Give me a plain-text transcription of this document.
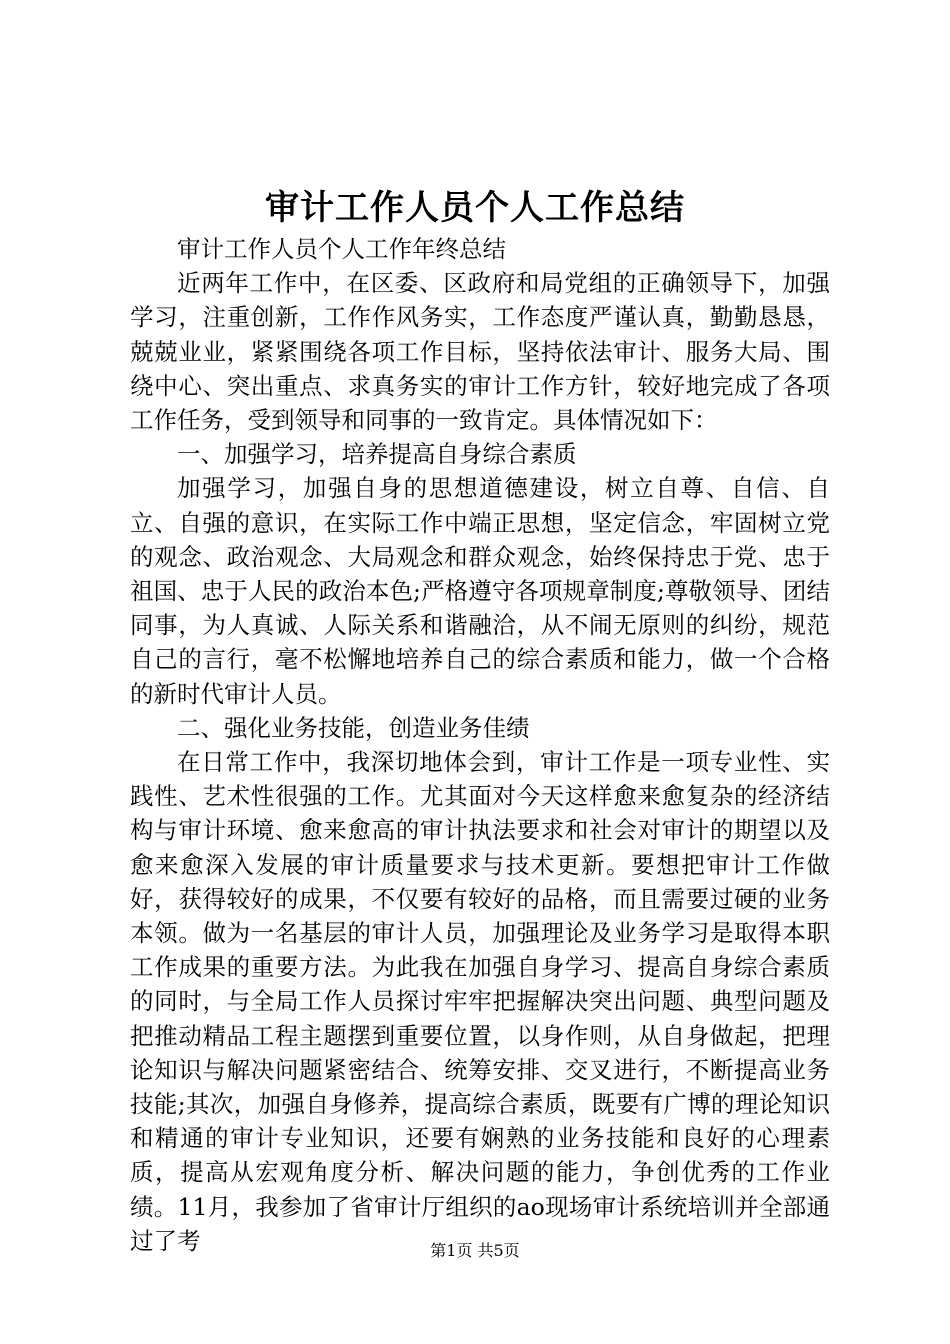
审计工作人员个人工作总结

审计工作人员个人工作年终总结

近两年工作中，在区委、区政府和局党组的正确领导下，加强学习，注重创新，工作作风务实，工作态度严谨认真，勤勤恳恳，兢兢业业，紧紧围绕各项工作目标，坚持依法审计、服务大局、围绕中心、突出重点、求真务实的审计工作方针，较好地完成了各项工作任务，受到领导和同事的一致肯定。具体情况如下：

一、加强学习，培养提高自身综合素质

加强学习，加强自身的思想道德建设，树立自尊、自信、自立、自强的意识，在实际工作中端正思想，坚定信念，牢固树立党的观念、政治观念、大局观念和群众观念，始终保持忠于党、忠于祖国、忠于人民的政治本色;严格遵守各项规章制度;尊敬领导、团结同事，为人真诚、人际关系和谐融洽，从不闹无原则的纠纷，规范自己的言行，毫不松懈地培养自己的综合素质和能力，做一个合格的新时代审计人员。

二、强化业务技能，创造业务佳绩

在日常工作中，我深切地体会到，审计工作是一项专业性、实践性、艺术性很强的工作。尤其面对今天这样愈来愈复杂的经济结构与审计环境、愈来愈高的审计执法要求和社会对审计的期望以及愈来愈深入发展的审计质量要求与技术更新。要想把审计工作做好，获得较好的成果，不仅要有较好的品格，而且需要过硬的业务本领。做为一名基层的审计人员，加强理论及业务学习是取得本职工作成果的重要方法。为此我在加强自身学习、提高自身综合素质的同时，与全局工作人员探讨牢牢把握解决突出问题、典型问题及把推动精品工程主题摆到重要位置，以身作则，从自身做起，把理论知识与解决问题紧密结合、统筹安排、交叉进行，不断提高业务技能;其次，加强自身修养，提高综合素质，既要有广博的理论知识和精通的审计专业知识，还要有娴熟的业务技能和良好的心理素质，提高从宏观角度分析、解决问题的能力，争创优秀的工作业绩。11月，我参加了省审计厅组织的ao现场审计系统培训并全部通过了考	第1页 共5页
